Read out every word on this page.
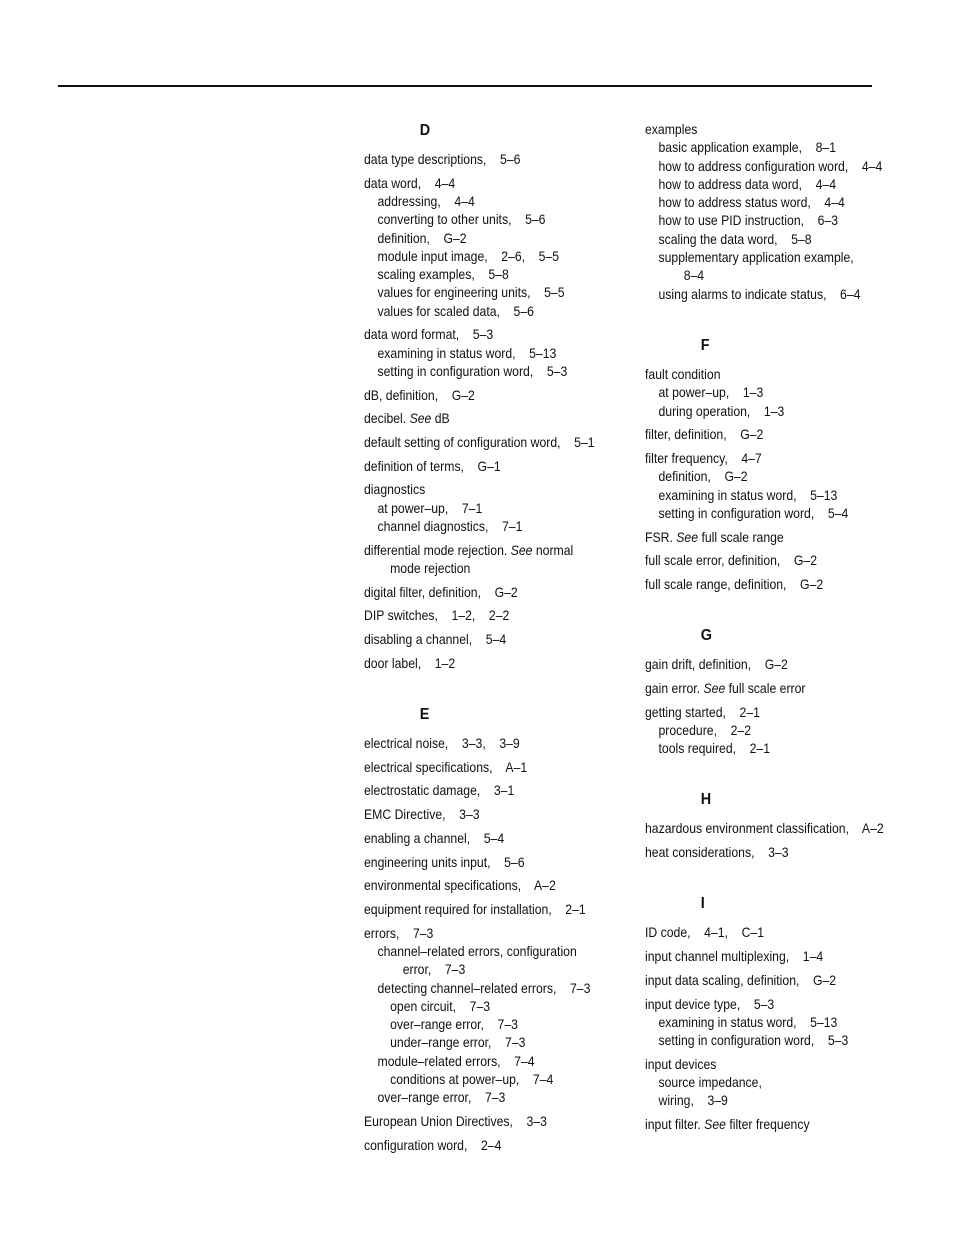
D
data type descriptions,    5–6
data word,    4–4
addressing,    4–4
converting to other units,    5–6
definition,    G–2
module input image,    2–6,    5–5
scaling examples,    5–8
values for engineering units,    5–5
values for scaled data,    5–6
data word format,    5–3
examining in status word,    5–13
setting in configuration word,    5–3
dB, definition,    G–2
decibel. See dB
default setting of configuration word,    5–1
definition of terms,    G–1
diagnostics
at power–up,    7–1
channel diagnostics,    7–1
differential mode rejection. See normal
mode rejection
digital filter, definition,    G–2
DIP switches,    1–2,    2–2
disabling a channel,    5–4
door label,    1–2
E
electrical noise,    3–3,    3–9
electrical specifications,    A–1
electrostatic damage,    3–1
EMC Directive,    3–3
enabling a channel,    5–4
engineering units input,    5–6
environmental specifications,    A–2
equipment required for installation,    2–1
errors,    7–3
channel–related errors, configuration
error,    7–3
detecting channel–related errors,    7–3
open circuit,    7–3
over–range error,    7–3
under–range error,    7–3
module–related errors,    7–4
conditions at power–up,    7–4
over–range error,    7–3
European Union Directives,    3–3
configuration word,    2–4
examples
basic application example,    8–1
how to address configuration word,    4–4
how to address data word,    4–4
how to address status word,    4–4
how to use PID instruction,    6–3
scaling the data word,    5–8
supplementary application example,
8–4
using alarms to indicate status,    6–4
F
fault condition
at power–up,    1–3
during operation,    1–3
filter, definition,    G–2
filter frequency,    4–7
definition,    G–2
examining in status word,    5–13
setting in configuration word,    5–4
FSR. See full scale range
full scale error, definition,    G–2
full scale range, definition,    G–2
G
gain drift, definition,    G–2
gain error. See full scale error
getting started,    2–1
procedure,    2–2
tools required,    2–1
H
hazardous environment classification,    A–2
heat considerations,    3–3
I
ID code,    4–1,    C–1
input channel multiplexing,    1–4
input data scaling, definition,    G–2
input device type,    5–3
examining in status word,    5–13
setting in configuration word,    5–3
input devices
source impedance,
wiring,    3–9
input filter. See filter frequency
